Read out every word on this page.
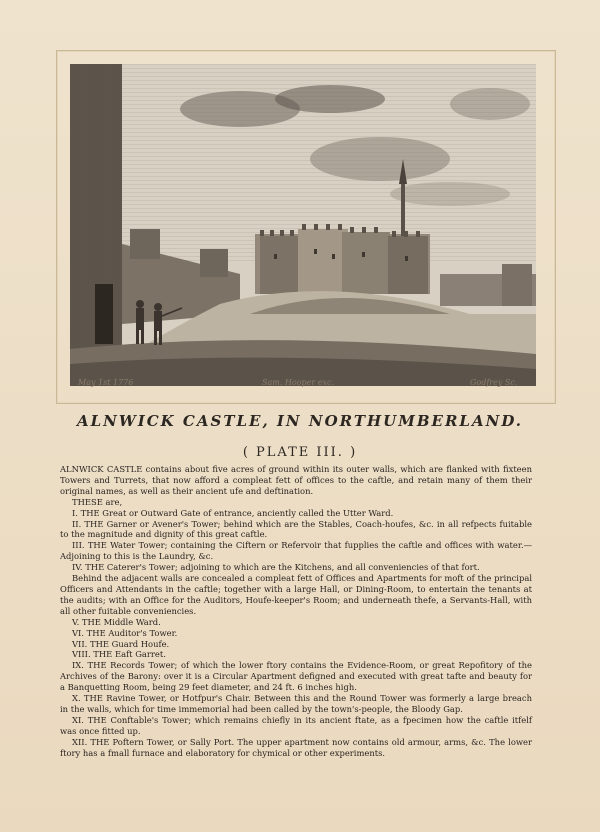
May 1st 1776	Sam. Hooper exc.	Godfrey Sc.
ALNWICK CASTLE, IN NORTHUMBERLAND.
( PLATE III. )

ALNWICK CASTLE contains about five acres of ground within its outer walls, which are flanked with fixteen Towers and Turrets, that now afford a compleat fett of offices to the caftle, and retain many of them their original names, as well as their ancient ufe and deftination.

THESE are,

I. THE Great or Outward Gate of entrance, anciently called the Utter Ward.

II. THE Garner or Avener's Tower; behind which are the Stables, Coach-houfes, &c. in all refpects fuitable to the magnitude and dignity of this great caftle.

III. THE Water Tower; containing the Ciftern or Refervoir that fupplies the caftle and offices with water.—Adjoining to this is the Laundry, &c.

IV. THE Caterer's Tower; adjoining to which are the Kitchens, and all conveniencies of that fort.

Behind the adjacent walls are concealed a compleat fett of Offices and Apartments for moft of the principal Officers and Attendants in the caftle; together with a large Hall, or Dining-Room, to entertain the tenants at the audits; with an Office for the Auditors, Houfe-keeper's Room; and underneath thefe, a Servants-Hall, with all other fuitable conveniencies.

V. THE Middle Ward.

VI. THE Auditor's Tower.

VII. THE Guard Houfe.

VIII. THE Eaft Garret.

IX. THE Records Tower; of which the lower ftory contains the Evidence-Room, or great Repofitory of the Archives of the Barony: over it is a Circular Apartment defigned and executed with great tafte and beauty for a Banquetting Room, being 29 feet diameter, and 24 ft. 6 inches high.

X. THE Ravine Tower, or Hotfpur's Chair. Between this and the Round Tower was formerly a large breach in the walls, which for time immemorial had been called by the town's-people, the Bloody Gap.

XI. THE Conftable's Tower; which remains chiefly in its ancient ftate, as a fpecimen how the caftle itfelf was once fitted up.

XII. THE Poftern Tower, or Sally Port. The upper apartment now contains old armour, arms, &c. The lower ftory has a fmall furnace and elaboratory for chymical or other experiments.
